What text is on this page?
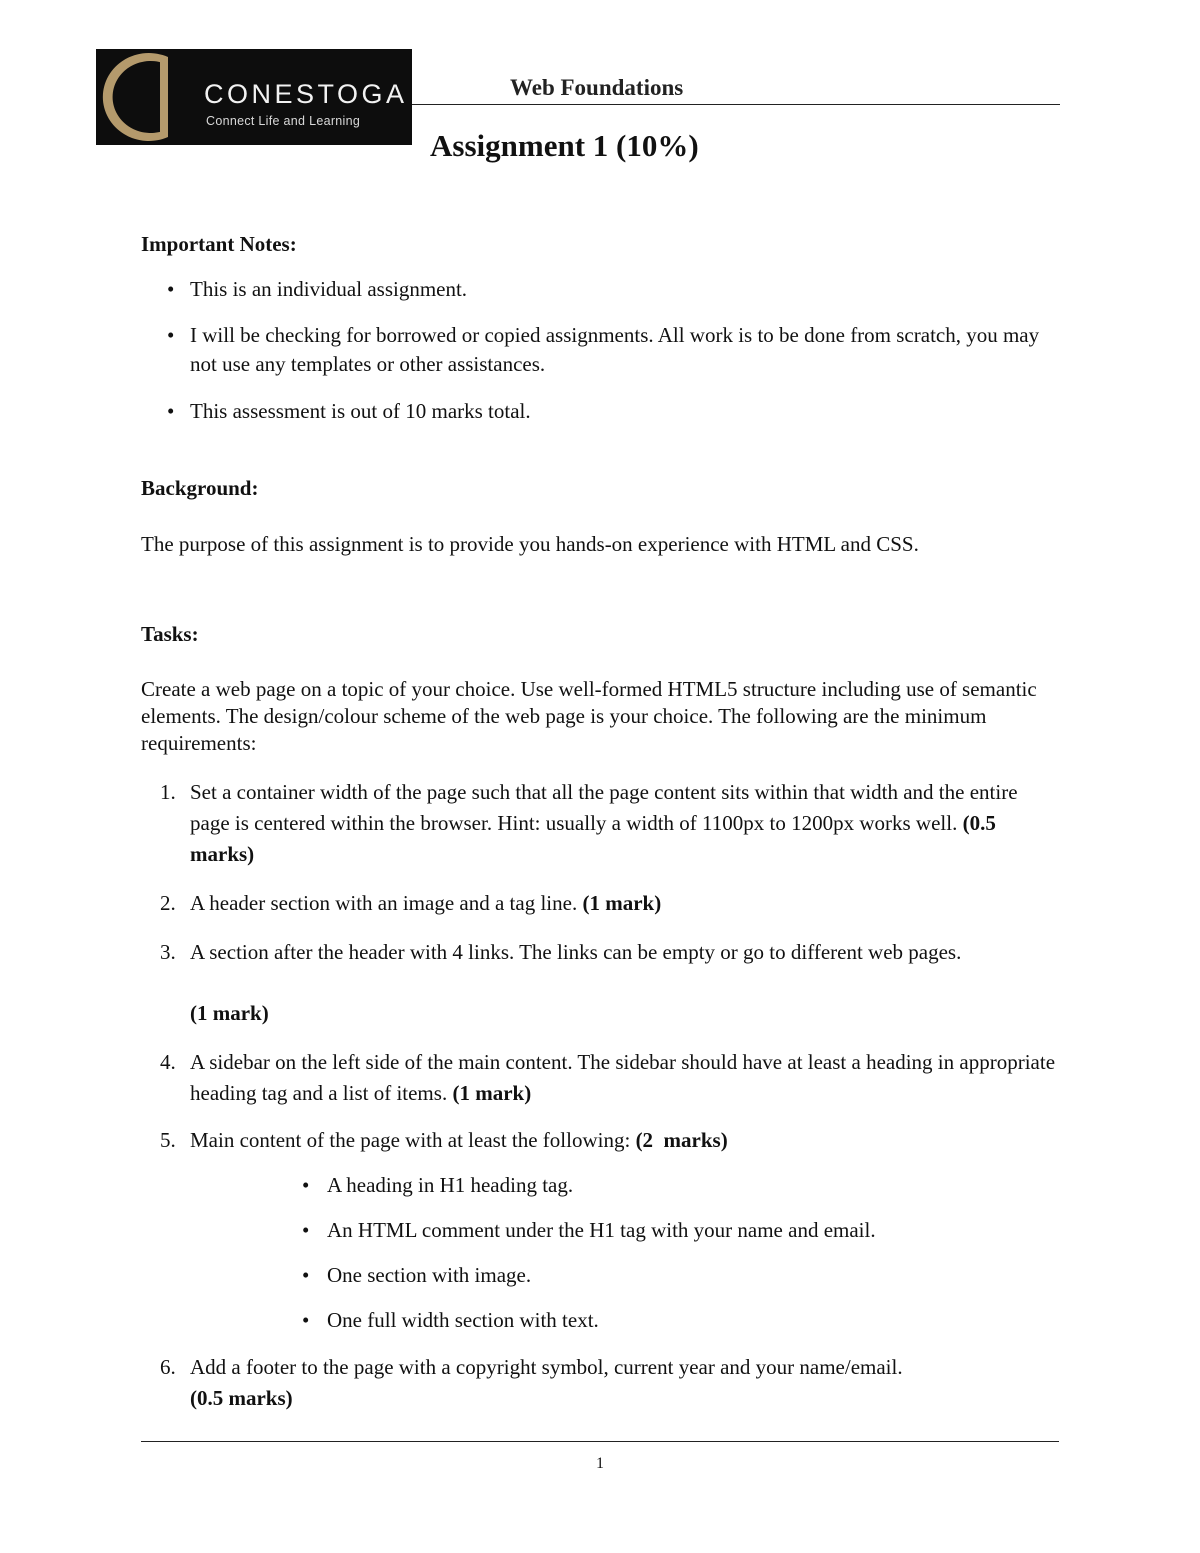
CONESTOGA
Connect Life and Learning
Web Foundations
Assignment 1 (10%)

Important Notes:

• This is an individual assignment.
• I will be checking for borrowed or copied assignments. All work is to be done from scratch, you may not use any templates or other assistances.
• This assessment is out of 10 marks total.

Background:

The purpose of this assignment is to provide you hands-on experience with HTML and CSS.

Tasks:

Create a web page on a topic of your choice. Use well-formed HTML5 structure including use of semantic elements. The design/colour scheme of the web page is your choice. The following are the minimum requirements:

1. Set a container width of the page such that all the page content sits within that width and the entire page is centered within the browser. Hint: usually a width of 1100px to 1200px works well. (0.5 marks)
2. A header section with an image and a tag line. (1 mark)
3. A section after the header with 4 links. The links can be empty or go to different web pages.
(1 mark)
4. A sidebar on the left side of the main content. The sidebar should have at least a heading in appropriate heading tag and a list of items. (1 mark)
5. Main content of the page with at least the following: (2  marks)
• A heading in H1 heading tag.
• An HTML comment under the H1 tag with your name and email.
• One section with image.
• One full width section with text.
6. Add a footer to the page with a copyright symbol, current year and your name/email.
(0.5 marks)
1
